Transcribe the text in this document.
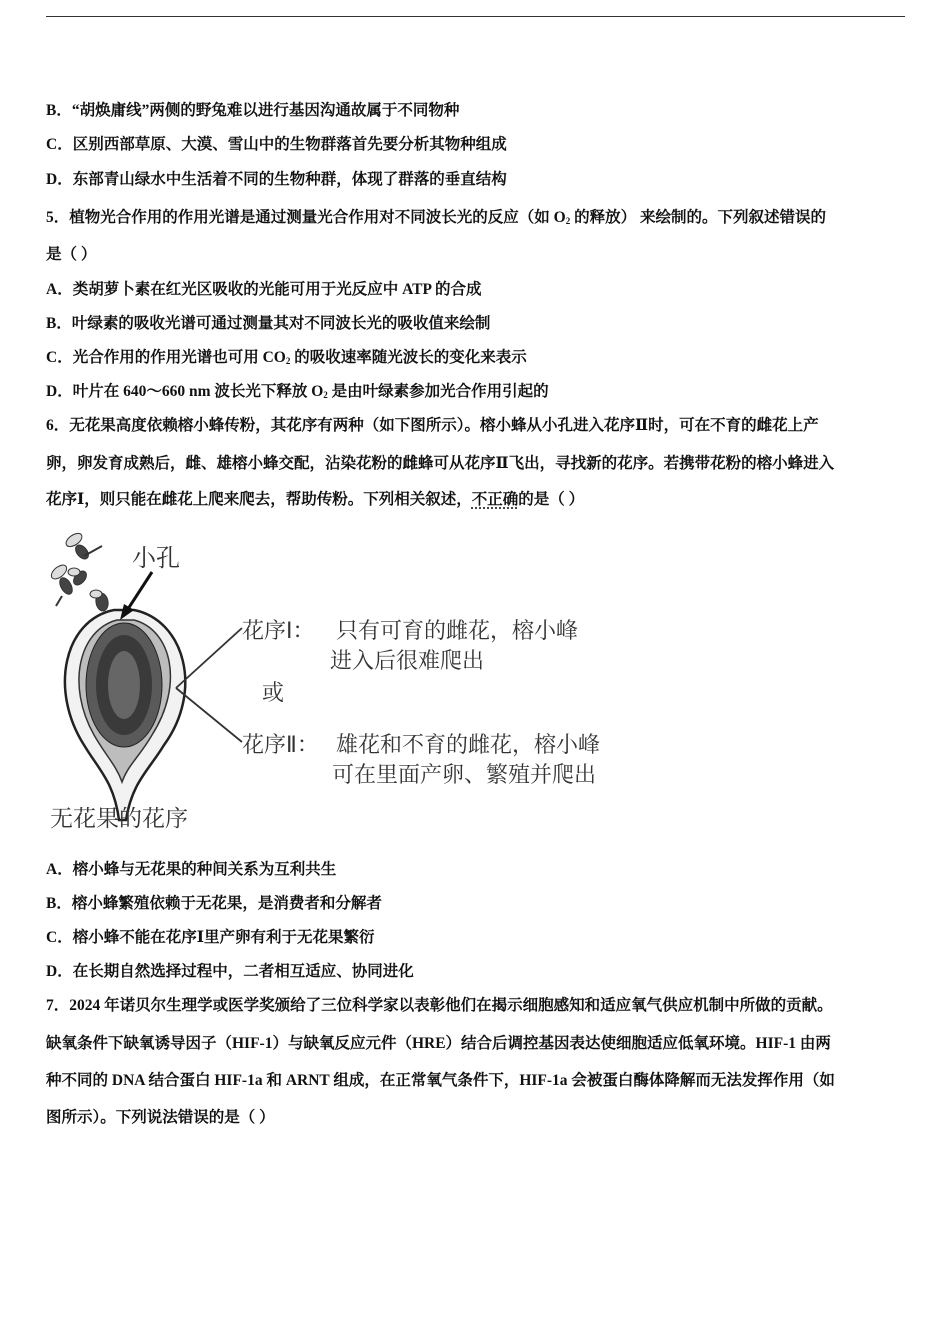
B．“胡焕庸线”两侧的野兔难以进行基因沟通故属于不同物种
C．区别西部草原、大漠、雪山中的生物群落首先要分析其物种组成
D．东部青山绿水中生活着不同的生物种群，体现了群落的垂直结构
5．植物光合作用的作用光谱是通过测量光合作用对不同波长光的反应（如 $O_2$ 的释放） 来绘制的。下列叙述错误的
是（ ）
A．类胡萝卜素在红光区吸收的光能可用于光反应中 ATP 的合成
B．叶绿素的吸收光谱可通过测量其对不同波长光的吸收值来绘制
C．光合作用的作用光谱也可用 $CO_2$ 的吸收速率随光波长的变化来表示
D．叶片在 640～660 nm 波长光下释放 $O_2$ 是由叶绿素参加光合作用引起的
6．无花果高度依赖榕小蜂传粉，其花序有两种（如下图所示）。榕小蜂从小孔进入花序Ⅱ时，可在不育的雌花上产
卵，卵发育成熟后，雌、雄榕小蜂交配，沾染花粉的雌蜂可从花序Ⅱ飞出，寻找新的花序。若携带花粉的榕小蜂进入
花序Ⅰ，则只能在雌花上爬来爬去，帮助传粉。下列相关叙述，不正确的是（ ）
小孔
花序Ⅰ： 只有可育的雌花，榕小峰
进入后很难爬出
或
花序Ⅱ： 雄花和不育的雌花，榕小峰
可在里面产卵、繁殖并爬出
无花果的花序
A．榕小蜂与无花果的种间关系为互利共生
B．榕小蜂繁殖依赖于无花果，是消费者和分解者
C．榕小蜂不能在花序Ⅰ里产卵有利于无花果繁衍
D．在长期自然选择过程中，二者相互适应、协同进化
7．2024 年诺贝尔生理学或医学奖颁给了三位科学家以表彰他们在揭示细胞感知和适应氧气供应机制中所做的贡献。
缺氧条件下缺氧诱导因子（HIF-1）与缺氧反应元件（HRE）结合后调控基因表达使细胞适应低氧环境。HIF-1 由两
种不同的 DNA 结合蛋白 HIF-1a 和 ARNT 组成，在正常氧气条件下，HIF-1a 会被蛋白酶体降解而无法发挥作用（如
图所示）。下列说法错误的是（ ）
